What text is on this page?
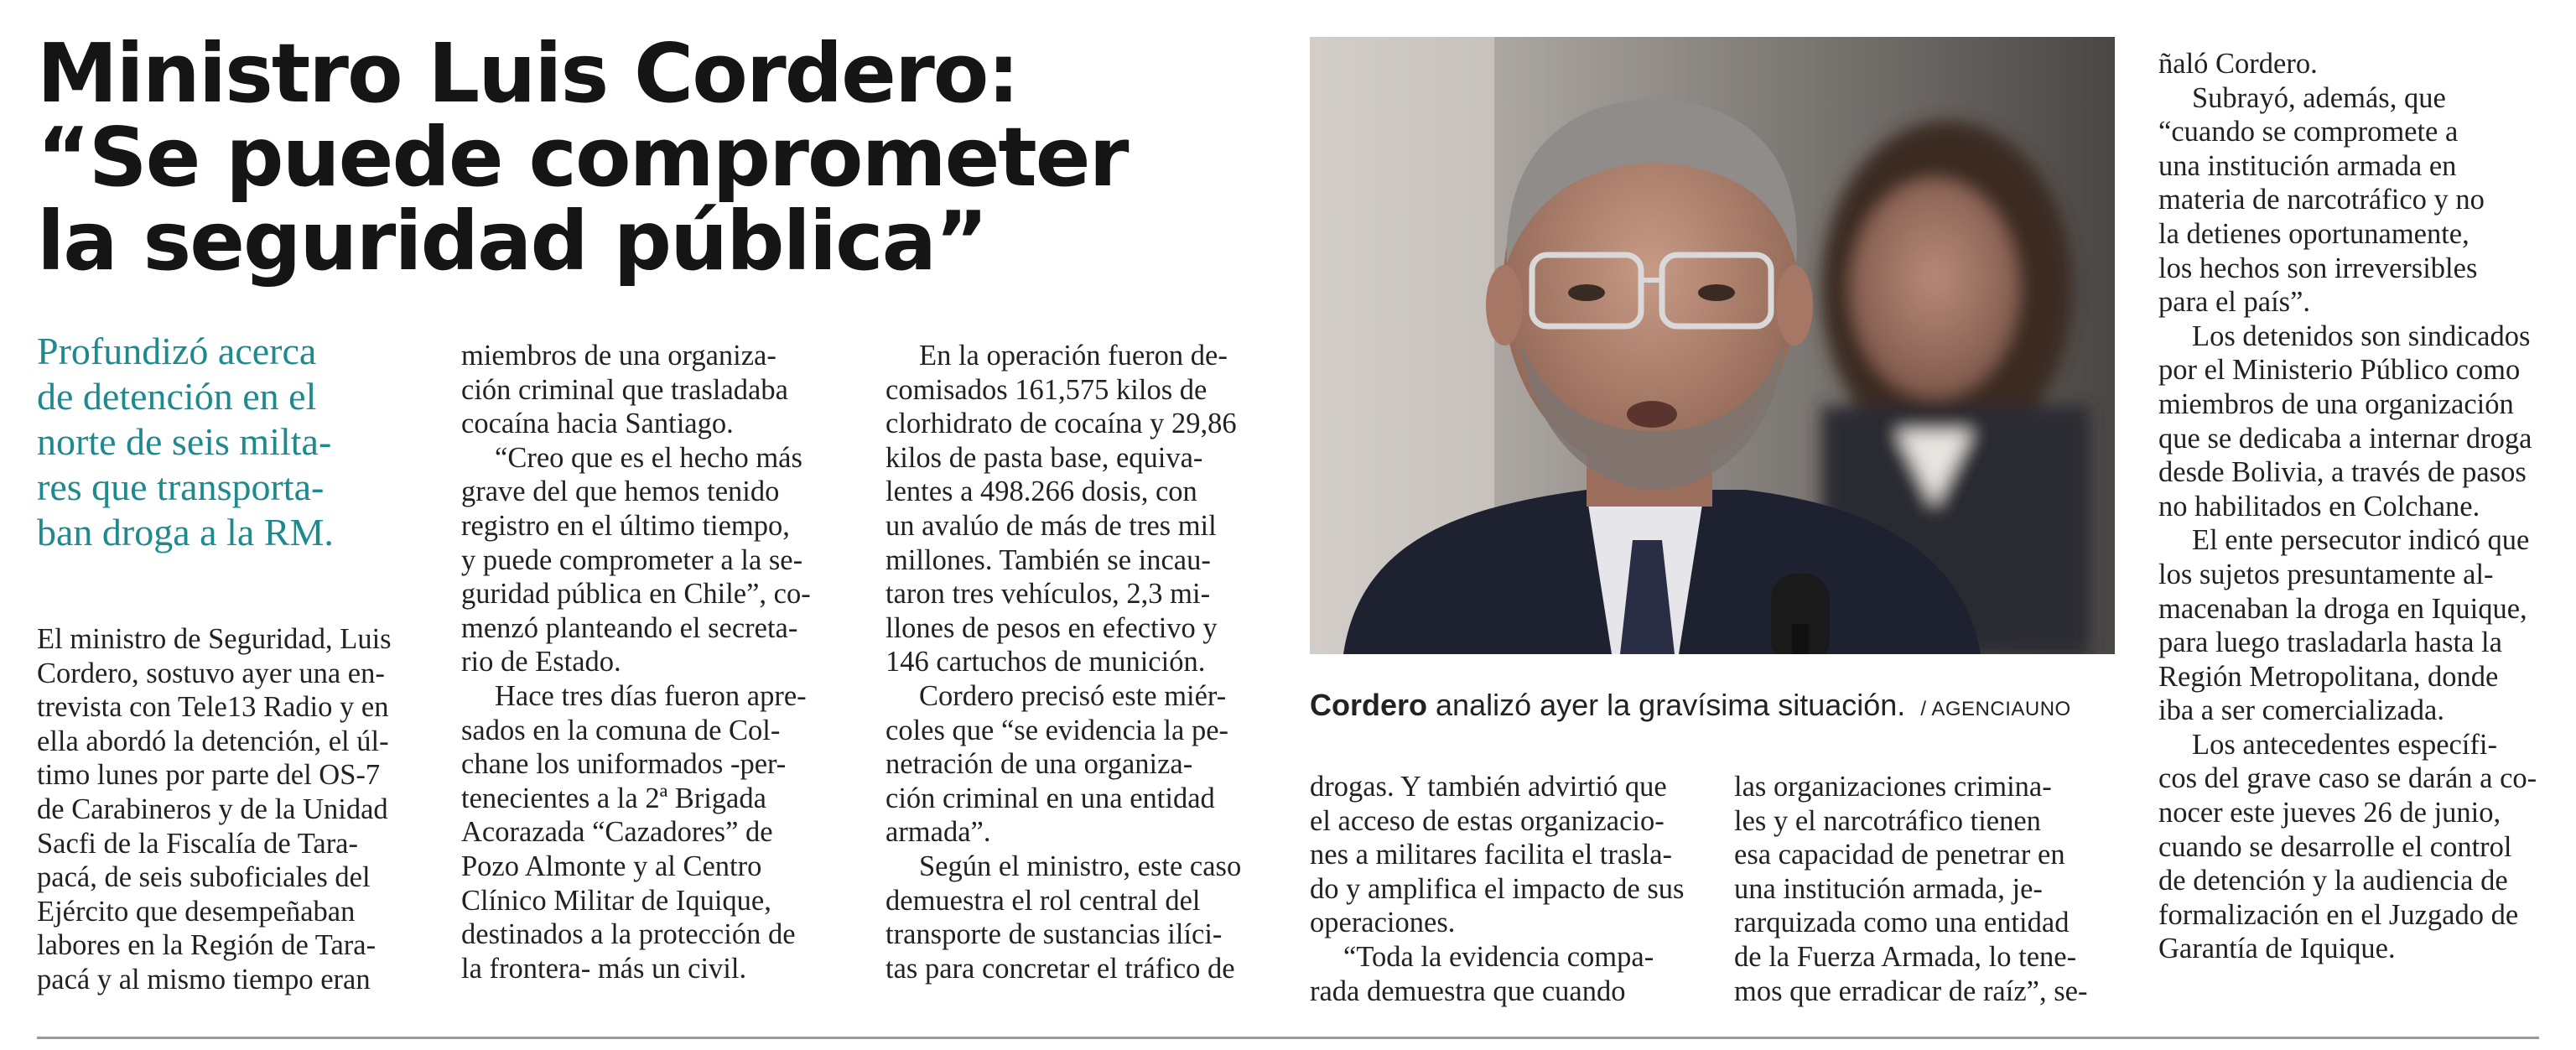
Ministro Luis Cordero:
“Se puede comprometer
la seguridad pública”
Profundizó acerca
de detención en el
norte de seis milta-
res que transporta-
ban droga a la RM.
El ministro de Seguridad, Luis
Cordero, sostuvo ayer una en-
trevista con Tele13 Radio y en
ella abordó la detención, el úl-
timo lunes por parte del OS-7
de Carabineros y de la Unidad
Sacfi de la Fiscalía de Tara-
pacá, de seis suboficiales del
Ejército que desempeñaban
labores en la Región de Tara-
pacá y al mismo tiempo eran
miembros de una organiza-
ción criminal que trasladaba
cocaína hacia Santiago.
“Creo que es el hecho más
grave del que hemos tenido
registro en el último tiempo,
y puede comprometer a la se-
guridad pública en Chile”, co-
menzó planteando el secreta-
rio de Estado.
Hace tres días fueron apre-
sados en la comuna de Col-
chane los uniformados -per-
tenecientes a la 2ª Brigada
Acorazada “Cazadores” de
Pozo Almonte y al Centro
Clínico Militar de Iquique,
destinados a la protección de
la frontera- más un civil.
En la operación fueron de-
comisados 161,575 kilos de
clorhidrato de cocaína y 29,86
kilos de pasta base, equiva-
lentes a 498.266 dosis, con
un avalúo de más de tres mil
millones. También se incau-
taron tres vehículos, 2,3 mi-
llones de pesos en efectivo y
146 cartuchos de munición.
Cordero precisó este miér-
coles que “se evidencia la pe-
netración de una organiza-
ción criminal en una entidad
armada”.
Según el ministro, este caso
demuestra el rol central del
transporte de sustancias ilíci-
tas para concretar el tráfico de
drogas. Y también advirtió que
el acceso de estas organizacio-
nes a militares facilita el trasla-
do y amplifica el impacto de sus
operaciones.
“Toda la evidencia compa-
rada demuestra que cuando
las organizaciones crimina-
les y el narcotráfico tienen
esa capacidad de penetrar en
una institución armada, je-
rarquizada como una entidad
de la Fuerza Armada, lo tene-
mos que erradicar de raíz”, se-
ñaló Cordero.
Subrayó, además, que
“cuando se compromete a
una institución armada en
materia de narcotráfico y no
la detienes oportunamente,
los hechos son irreversibles
para el país”.
Los detenidos son sindicados
por el Ministerio Público como
miembros de una organización
que se dedicaba a internar droga
desde Bolivia, a través de pasos
no habilitados en Colchane.
El ente persecutor indicó que
los sujetos presuntamente al-
macenaban la droga en Iquique,
para luego trasladarla hasta la
Región Metropolitana, donde
iba a ser comercializada.
Los antecedentes específi-
cos del grave caso se darán a co-
nocer este jueves 26 de junio,
cuando se desarrolle el control
de detención y la audiencia de
formalización en el Juzgado de
Garantía de Iquique.
Cordero analizó ayer la gravísima situación. / AGENCIAUNO
